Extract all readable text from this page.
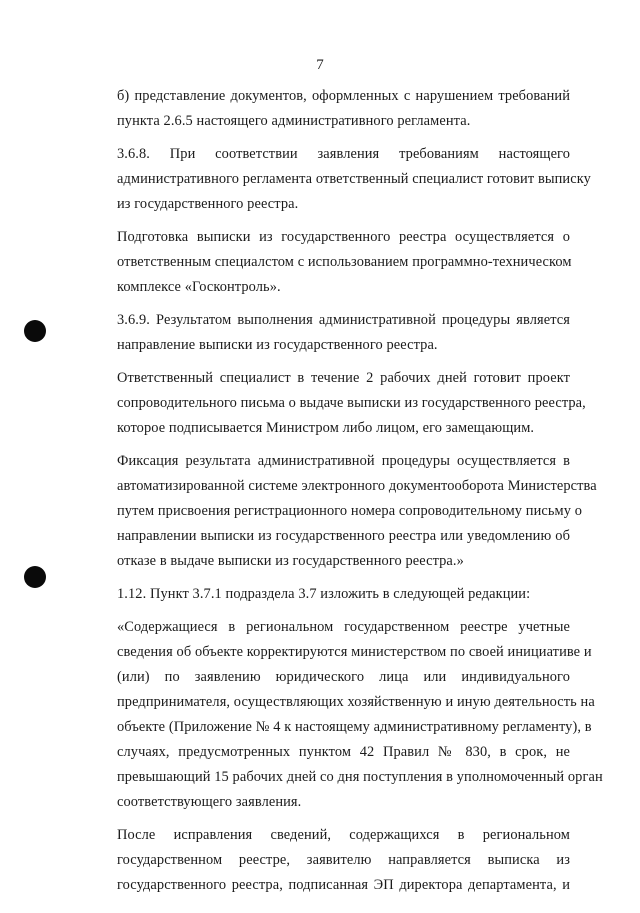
7
б) представление документов, оформленных с нарушением требований
пункта 2.6.5 настоящего административного регламента.
3.6.8. При соответствии заявления требованиям настоящего
административного регламента ответственный специалист готовит выписку
из государственного реестра.
Подготовка выписки из государственного реестра осуществляется о
ответственным специалстом с использованием программно-техническом
комплексе «Госконтроль».
3.6.9. Результатом выполнения административной процедуры является
направление выписки из государственного реестра.
Ответственный специалист в течение 2 рабочих дней готовит проект
сопроводительного письма о выдаче выписки из государственного реестра,
которое подписывается Министром либо лицом, его замещающим.
Фиксация результата административной процедуры осуществляется в
автоматизированной системе электронного документооборота Министерства
путем присвоения регистрационного номера сопроводительному письму о
направлении выписки из государственного реестра или уведомлению об
отказе в выдаче выписки из государственного реестра.»
1.12. Пункт 3.7.1 подраздела 3.7 изложить в следующей редакции:
«Содержащиеся в региональном государственном реестре учетные
сведения об объекте корректируются министерством по своей инициативе и
(или) по заявлению юридического лица или индивидуального
предпринимателя, осуществляющих хозяйственную и иную деятельность на
объекте (Приложение № 4 к настоящему административному регламенту), в
случаях, предусмотренных пунктом 42 Правил № 830, в срок, не
превышающий 15 рабочих дней со дня поступления в уполномоченный орган
соответствующего заявления.
После исправления сведений, содержащихся в региональном
государственном реестре, заявителю направляется выписка из
государственного реестра, подписанная ЭП директора департамента, и
